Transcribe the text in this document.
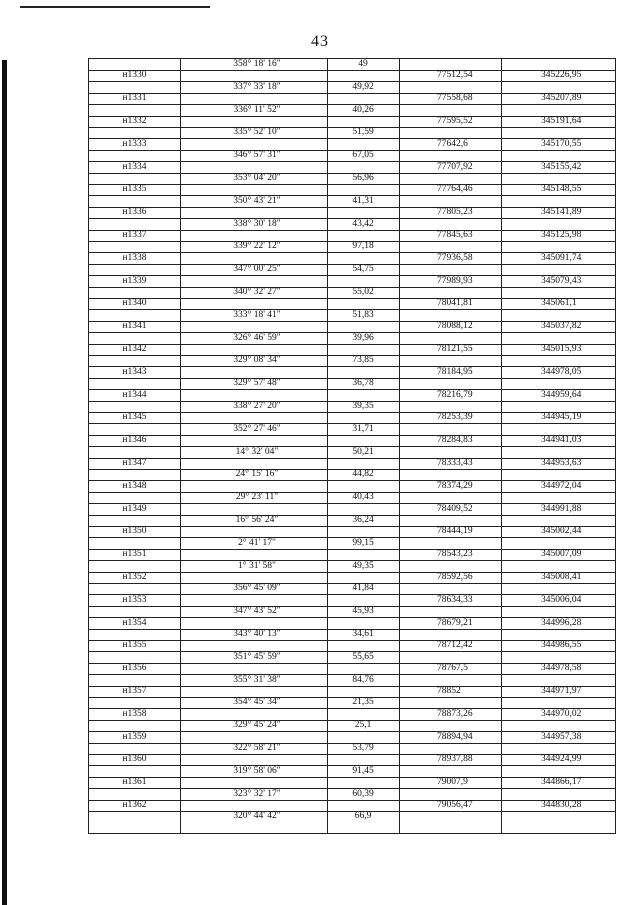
43
358° 18' 16"	49
н1330	77512,54	345226,95
337° 33' 18"	49,92
н1331	77558,68	345207,89
336° 11' 52"	40,26
н1332	77595,52	345191,64
335° 52' 10"	51,59
н1333	77642,6	345170,55
346° 57' 31"	67,05
н1334	77707,92	345155,42
353° 04' 20"	56,96
н1335	77764,46	345148,55
350° 43' 21"	41,31
н1336	77805,23	345141,89
338° 30' 18"	43,42
н1337	77845,63	345125,98
339° 22' 12"	97,18
н1338	77936,58	345091,74
347° 00' 25"	54,75
н1339	77989,93	345079,43
340° 32' 27"	55,02
н1340	78041,81	345061,1
333° 18' 41"	51,83
н1341	78088,12	345037,82
326° 46' 59"	39,96
н1342	78121,55	345015,93
329° 08' 34"	73,85
н1343	78184,95	344978,05
329° 57' 48"	36,78
н1344	78216,79	344959,64
338° 27' 20"	39,35
н1345	78253,39	344945,19
352° 27' 46"	31,71
н1346	78284,83	344941,03
14° 32' 04"	50,21
н1347	78333,43	344953,63
24° 15' 16"	44,82
н1348	78374,29	344972,04
29° 23' 11"	40,43
н1349	78409,52	344991,88
16° 56' 24"	36,24
н1350	78444,19	345002,44
2° 41' 17"	99,15
н1351	78543,23	345007,09
1° 31' 58"	49,35
н1352	78592,56	345008,41
356° 45' 09"	41,84
н1353	78634,33	345006,04
347° 43' 52"	45,93
н1354	78679,21	344996,28
343° 40' 13"	34,61
н1355	78712,42	344986,55
351° 45' 59"	55,65
н1356	78767,5	344978,58
355° 31' 38"	84,76
н1357	78852	344971,97
354° 45' 34"	21,35
н1358	78873,26	344970,02
329° 45' 24"	25,1
н1359	78894,94	344957,38
322° 58' 21"	53,79
н1360	78937,88	344924,99
319° 58' 06"	91,45
н1361	79007,9	344866,17
323° 32' 17"	60,39
н1362	79056,47	344830,28
320° 44' 42"	66,9
